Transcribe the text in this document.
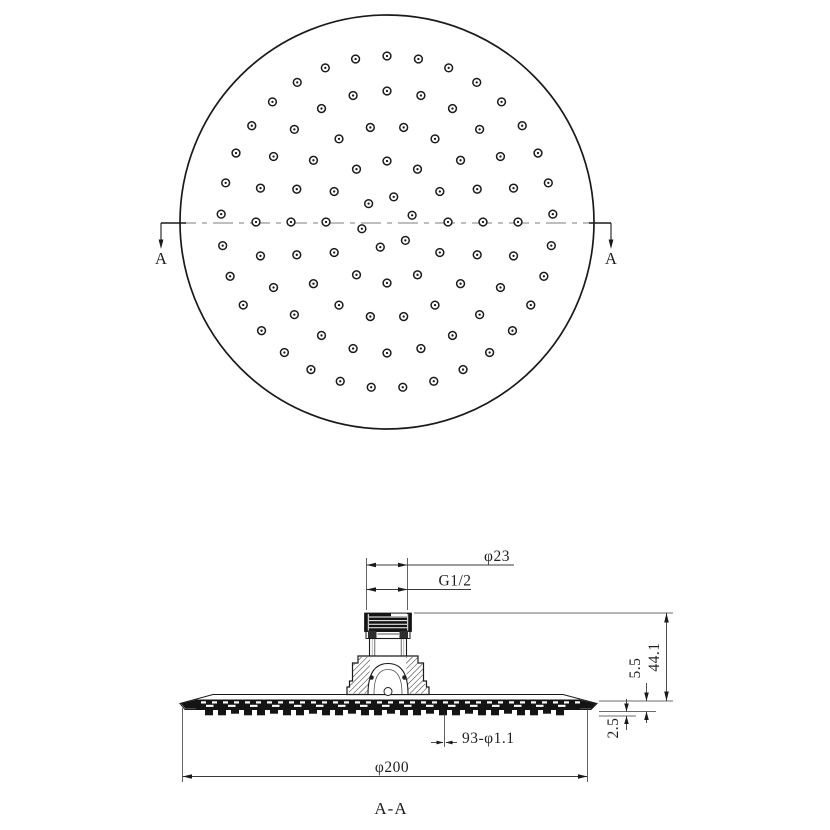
A	A
φ23
G1/2
44.1
5.5
2.5
93-φ1.1
φ200
A-A
